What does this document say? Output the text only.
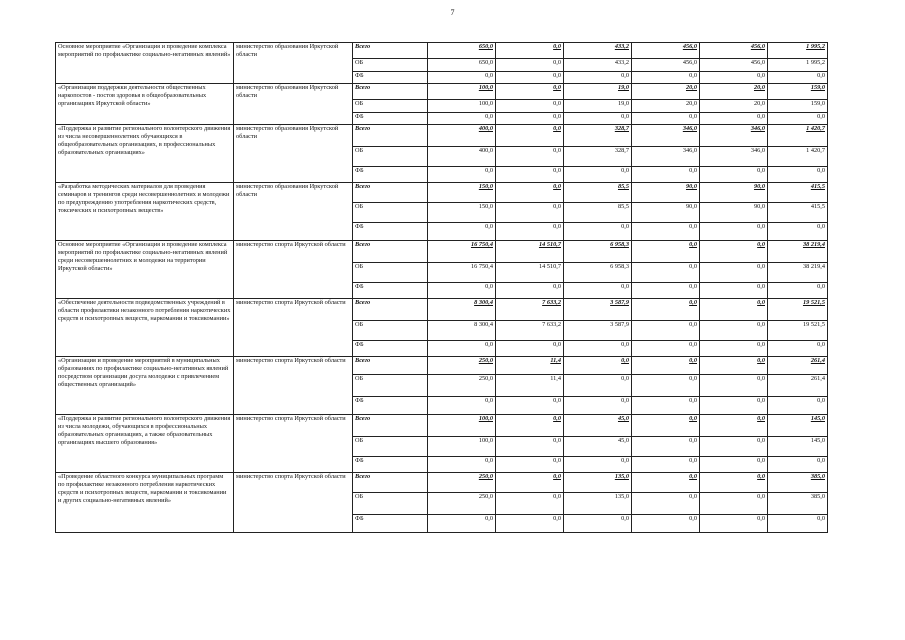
7
Основное мероприятие «Организация и проведение комплекса мероприятий по профилактике социально-негативных явлений»	министерство образования Иркутской области	Всего	650,0	0,0	433,2	456,0	456,0	1 995,2
		ОБ	650,0	0,0	433,2	456,0	456,0	1 995,2
		ФБ	0,0	0,0	0,0	0,0	0,0	0,0
«Организация поддержки деятельности общественных наркопостов - постов здоровья в общеобразовательных организациях Иркутской области»	министерство образования Иркутской области	Всего	100,0	0,0	19,0	20,0	20,0	159,0
		ОБ	100,0	0,0	19,0	20,0	20,0	159,0
		ФБ	0,0	0,0	0,0	0,0	0,0	0,0
«Поддержка и развитие регионального волонтерского движения из числа несовершеннолетних обучающихся в общеобразовательных организациях, в профессиональных образовательных организациях»	министерство образования Иркутской области	Всего	400,0	0,0	328,7	346,0	346,0	1 420,7
		ОБ	400,0	0,0	328,7	346,0	346,0	1 420,7
		ФБ	0,0	0,0	0,0	0,0	0,0	0,0
«Разработка методических материалов для проведения семинаров и тренингов среди несовершеннолетних и молодежи по предупреждению употребления наркотических средств, токсических и психотропных веществ»	министерство образования Иркутской области	Всего	150,0	0,0	85,5	90,0	90,0	415,5
		ОБ	150,0	0,0	85,5	90,0	90,0	415,5
		ФБ	0,0	0,0	0,0	0,0	0,0	0,0
Основное мероприятие «Организация и проведение комплекса мероприятий по профилактике социально-негативных явлений среди несовершеннолетних и молодежи на территории Иркутской области»	министерство спорта Иркутской области	Всего	16 750,4	14 510,7	6 958,3	0,0	0,0	38 219,4
		ОБ	16 750,4	14 510,7	6 958,3	0,0	0,0	38 219,4
		ФБ	0,0	0,0	0,0	0,0	0,0	0,0
«Обеспечение деятельности подведомственных учреждений в области профилактики незаконного потребления наркотических средств и психотропных веществ, наркомании и токсикомании»	министерство спорта Иркутской области	Всего	8 300,4	7 633,2	3 587,9	0,0	0,0	19 521,5
		ОБ	8 300,4	7 633,2	3 587,9	0,0	0,0	19 521,5
		ФБ	0,0	0,0	0,0	0,0	0,0	0,0
«Организация и проведение мероприятий в муниципальных образованиях по профилактике социально-негативных явлений посредством организации досуга молодежи с привлечением общественных организаций»	министерство спорта Иркутской области	Всего	250,0	11,4	0,0	0,0	0,0	261,4
		ОБ	250,0	11,4	0,0	0,0	0,0	261,4
		ФБ	0,0	0,0	0,0	0,0	0,0	0,0
«Поддержка и развитие регионального волонтерского движения из числа молодежи, обучающихся в профессиональных образовательных организациях, а также образовательных организациях высшего образования»	министерство спорта Иркутской области	Всего	100,0	0,0	45,0	0,0	0,0	145,0
		ОБ	100,0	0,0	45,0	0,0	0,0	145,0
		ФБ	0,0	0,0	0,0	0,0	0,0	0,0
«Проведение областного конкурса муниципальных программ по профилактике незаконного потребления наркотических средств и психотропных веществ, наркомании и токсикомании и других социально-негативных явлений»	министерство спорта Иркутской области	Всего	250,0	0,0	135,0	0,0	0,0	385,0
		ОБ	250,0	0,0	135,0	0,0	0,0	385,0
		ФБ	0,0	0,0	0,0	0,0	0,0	0,0
